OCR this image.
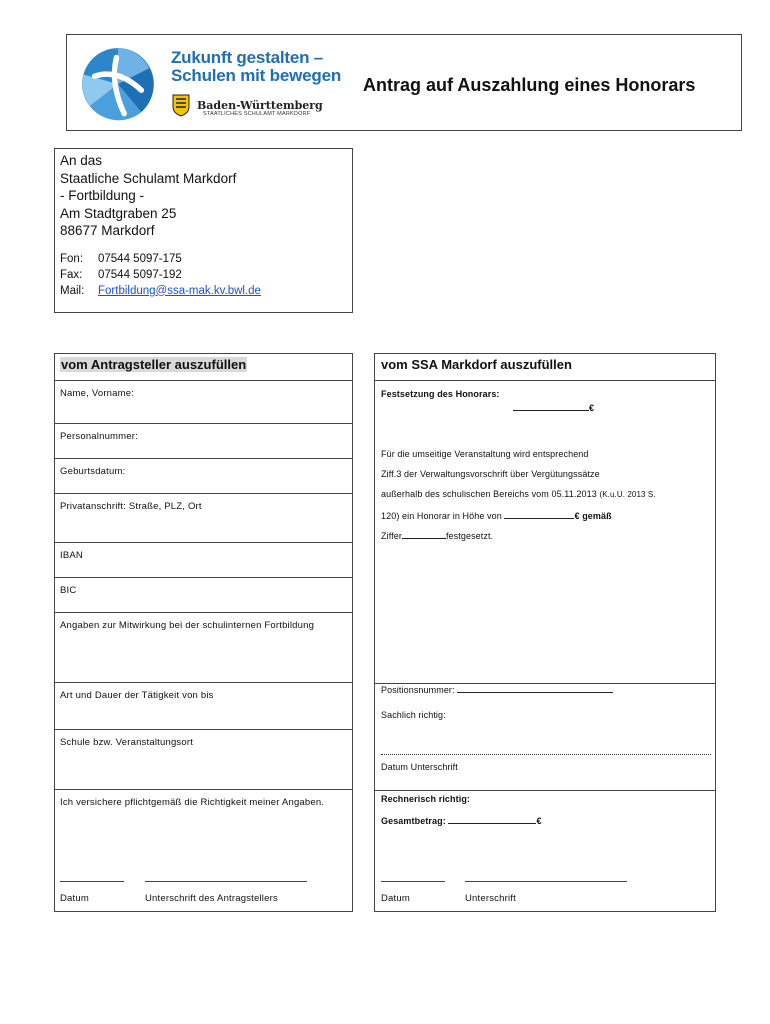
Zukunft gestalten –
Schulen mit bewegen
Baden-Württemberg
STAATLICHES SCHULAMT MARKDORF
Antrag auf Auszahlung eines Honorars
An das
Staatliche Schulamt Markdorf
- Fortbildung -
Am Stadtgraben 25
88677 Markdorf
Fon: 07544 5097-175
Fax: 07544 5097-192
Mail: Fortbildung@ssa-mak.kv.bwl.de
vom Antragsteller auszufüllen
Name, Vorname:
Personalnummer:
Geburtsdatum:
Privatanschrift: Straße, PLZ, Ort
IBAN
BIC
Angaben zur Mitwirkung bei der schulinternen Fortbildung
Art und Dauer der Tätigkeit von bis
Schule bzw. Veranstaltungsort
Ich versichere pflichtgemäß die Richtigkeit meiner Angaben.
Datum	Unterschrift des Antragstellers
vom SSA Markdorf auszufüllen
Festsetzung des Honorars:
€
Für die umseitige Veranstaltung wird entsprechend
Ziff.3 der Verwaltungsvorschrift über Vergütungssätze
außerhalb des schulischen Bereichs vom 05.11.2013 (K.u.U. 2013 S.
120) ein Honorar in Höhe von	€ gemäß
Ziffer	festgesetzt.
Positionsnummer:
Sachlich richtig:
Datum Unterschrift
Rechnerisch richtig:
Gesamtbetrag:	€
Datum	Unterschrift
